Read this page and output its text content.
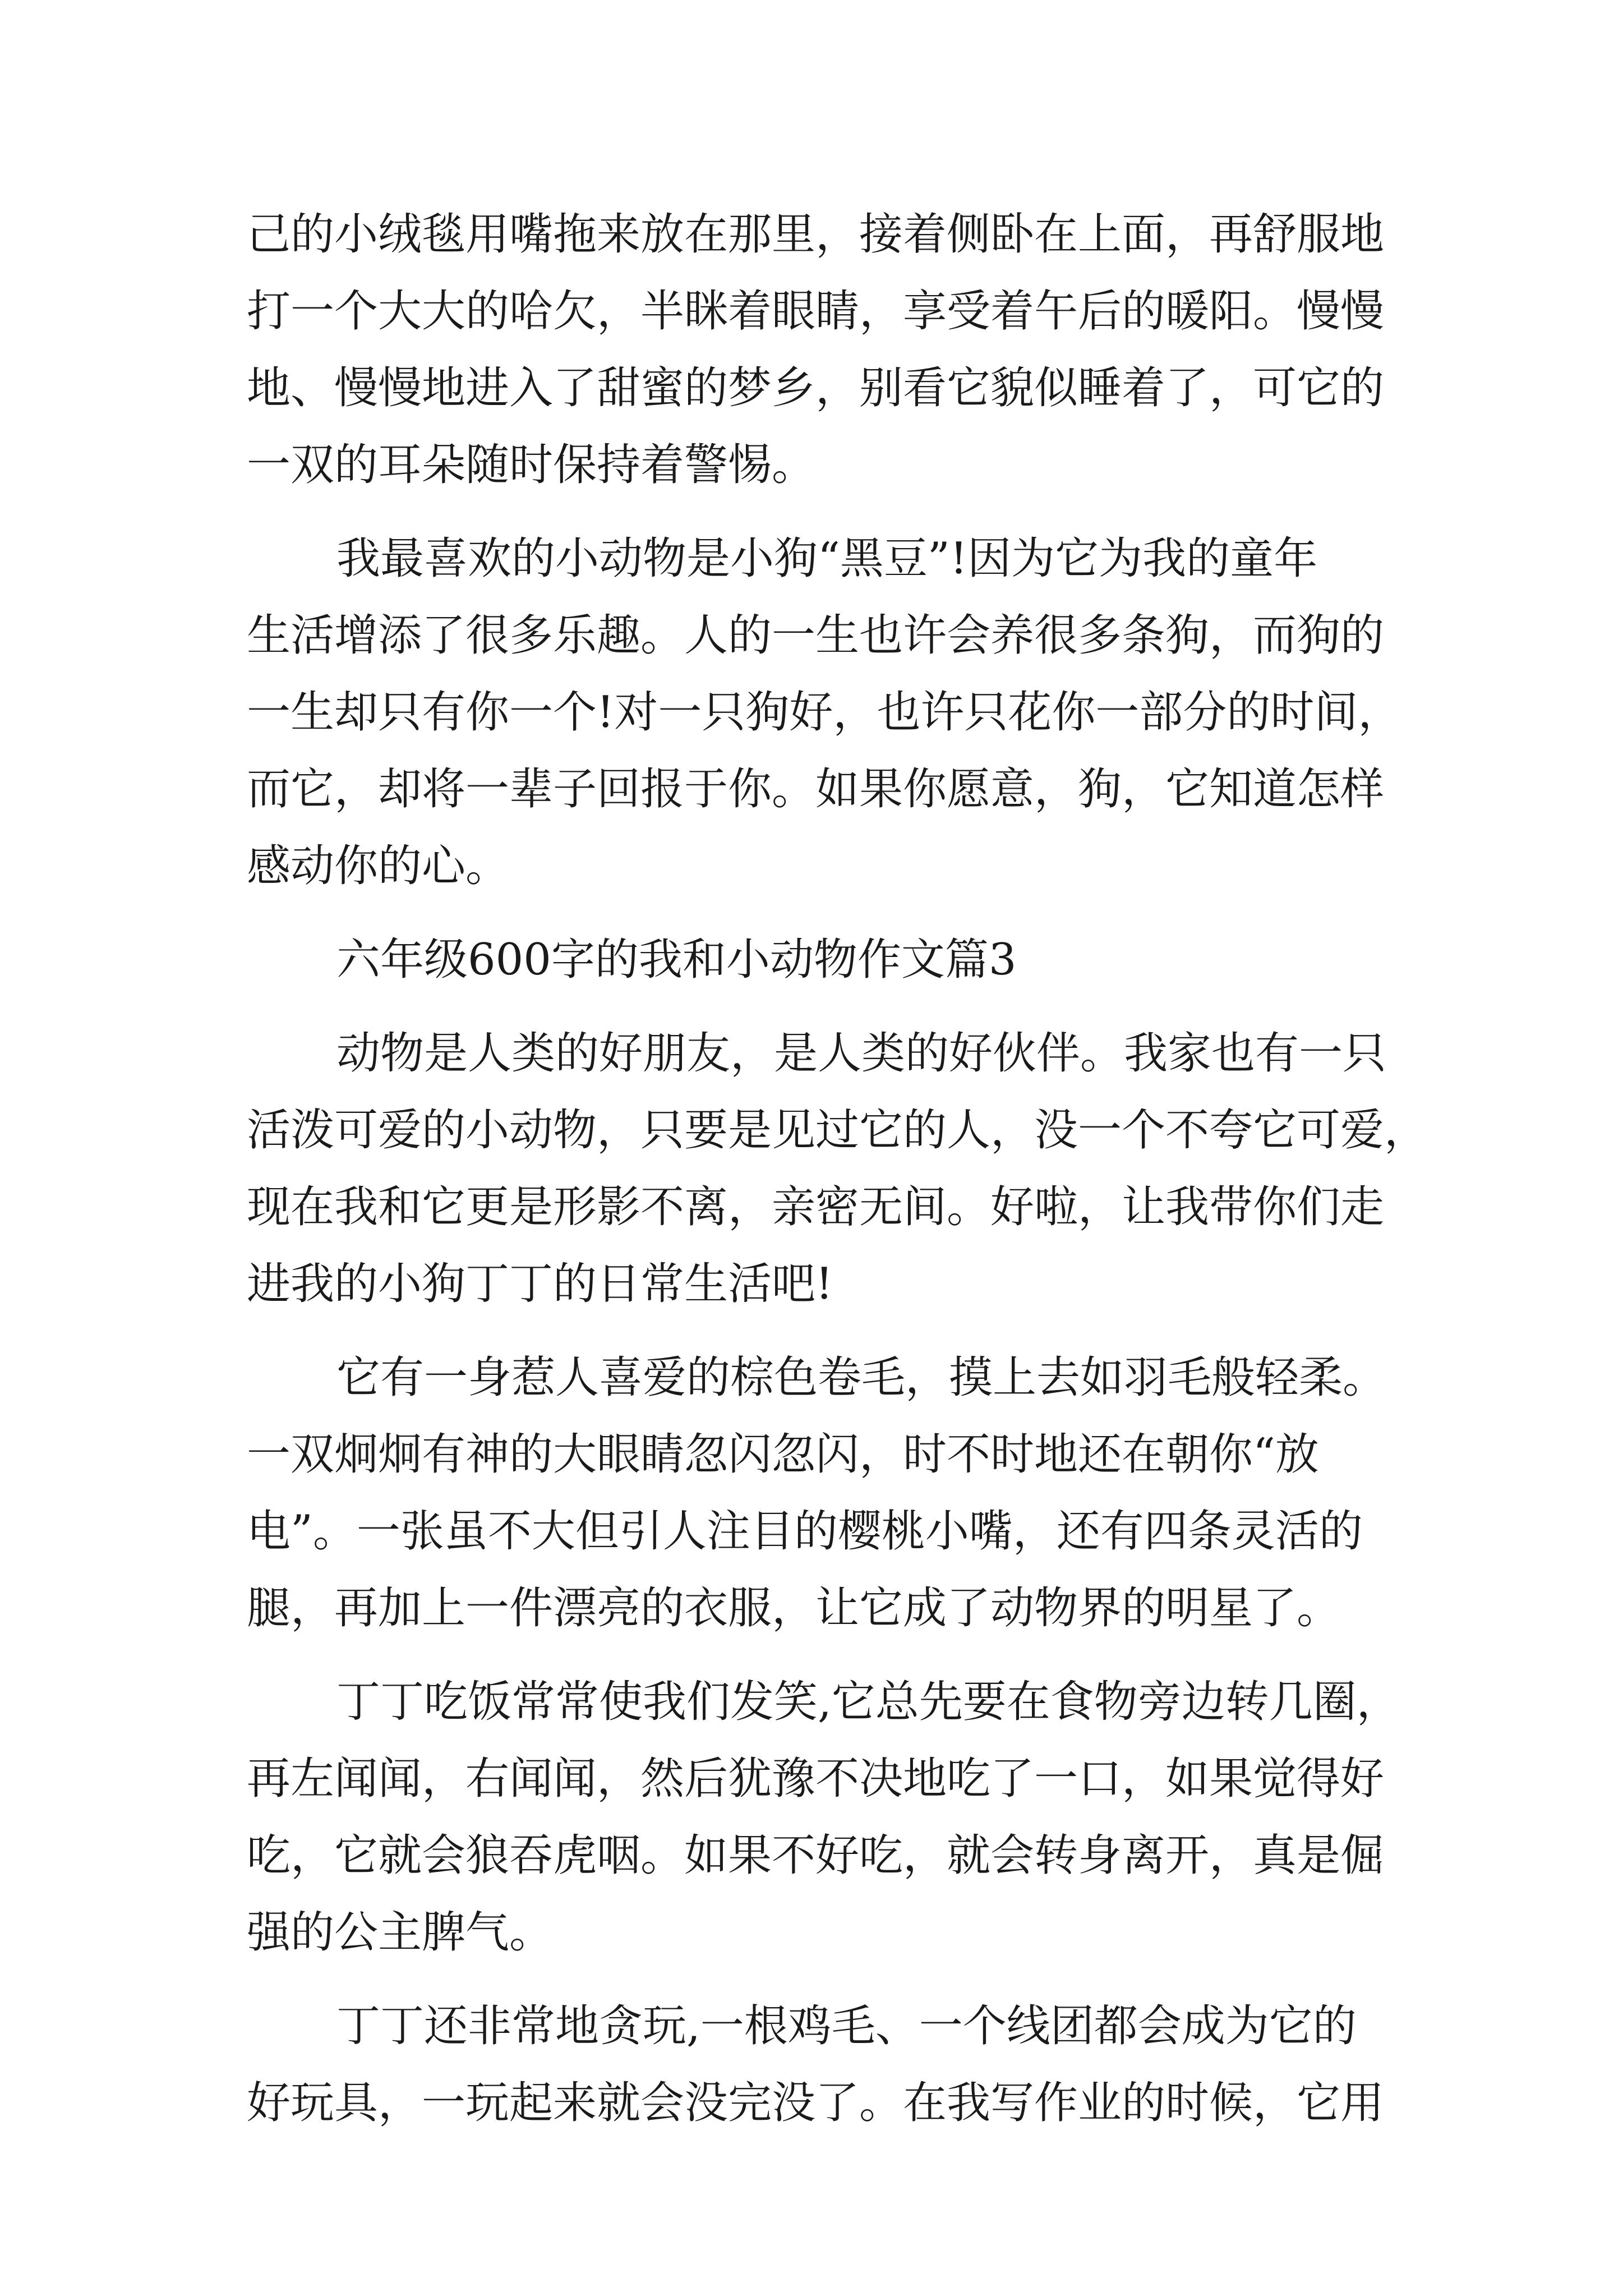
己的小绒毯用嘴拖来放在那里，接着侧卧在上面，再舒服地
打一个大大的哈欠，半眯着眼睛，享受着午后的暖阳。慢慢
地、慢慢地进入了甜蜜的梦乡，别看它貌似睡着了，可它的
一双的耳朵随时保持着警惕。
我最喜欢的小动物是小狗“黑豆”!因为它为我的童年
生活增添了很多乐趣。人的一生也许会养很多条狗，而狗的
一生却只有你一个!对一只狗好，也许只花你一部分的时间，
而它，却将一辈子回报于你。如果你愿意，狗，它知道怎样
感动你的心。
六年级600字的我和小动物作文篇3
动物是人类的好朋友，是人类的好伙伴。我家也有一只
活泼可爱的小动物，只要是见过它的人，没一个不夸它可爱，
现在我和它更是形影不离，亲密无间。好啦，让我带你们走
进我的小狗丁丁的日常生活吧!
它有一身惹人喜爱的棕色卷毛，摸上去如羽毛般轻柔。
一双炯炯有神的大眼睛忽闪忽闪，时不时地还在朝你“放
电”。一张虽不大但引人注目的樱桃小嘴，还有四条灵活的
腿，再加上一件漂亮的衣服，让它成了动物界的明星了。
丁丁吃饭常常使我们发笑,它总先要在食物旁边转几圈，
再左闻闻，右闻闻，然后犹豫不决地吃了一口，如果觉得好
吃，它就会狼吞虎咽。如果不好吃，就会转身离开，真是倔
强的公主脾气。
丁丁还非常地贪玩,一根鸡毛、一个线团都会成为它的
好玩具，一玩起来就会没完没了。在我写作业的时候，它用
